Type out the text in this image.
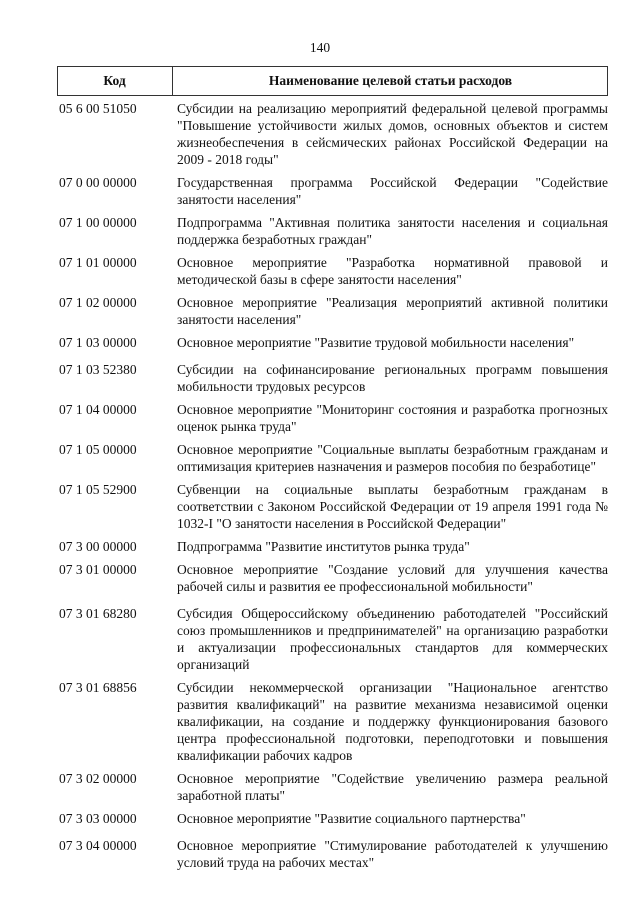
140
Код	Наименование целевой статьи расходов
05 6 00 51050	Субсидии на реализацию мероприятий федеральной целевой программы "Повышение устойчивости жилых домов, основных объектов и систем жизнеобеспечения в сейсмических районах Российской Федерации на 2009 - 2018 годы"
07 0 00 00000	Государственная программа Российской Федерации "Содействие занятости населения"
07 1 00 00000	Подпрограмма "Активная политика занятости населения и социальная поддержка безработных граждан"
07 1 01 00000	Основное мероприятие "Разработка нормативной правовой и методической базы в сфере занятости населения"
07 1 02 00000	Основное мероприятие "Реализация мероприятий активной политики занятости населения"
07 1 03 00000	Основное мероприятие "Развитие трудовой мобильности населения"
07 1 03 52380	Субсидии на софинансирование региональных программ повышения мобильности трудовых ресурсов
07 1 04 00000	Основное мероприятие "Мониторинг состояния и разработка прогнозных оценок рынка труда"
07 1 05 00000	Основное мероприятие "Социальные выплаты безработным гражданам и оптимизация критериев назначения и размеров пособия по безработице"
07 1 05 52900	Субвенции на социальные выплаты безработным гражданам в соответствии с Законом Российской Федерации от 19 апреля 1991 года № 1032-I "О занятости населения в Российской Федерации"
07 3 00 00000	Подпрограмма "Развитие институтов рынка труда"
07 3 01 00000	Основное мероприятие "Создание условий для улучшения качества рабочей силы и развития ее профессиональной мобильности"
07 3 01 68280	Субсидия Общероссийскому объединению работодателей "Российский союз промышленников и предпринимателей" на организацию разработки и актуализации профессиональных стандартов для коммерческих организаций
07 3 01 68856	Субсидии некоммерческой организации "Национальное агентство развития квалификаций" на развитие механизма независимой оценки квалификации, на создание и поддержку функционирования базового центра профессиональной подготовки, переподготовки и повышения квалификации рабочих кадров
07 3 02 00000	Основное мероприятие "Содействие увеличению размера реальной заработной платы"
07 3 03 00000	Основное мероприятие "Развитие социального партнерства"
07 3 04 00000	Основное мероприятие "Стимулирование работодателей к улучшению условий труда на рабочих местах"
